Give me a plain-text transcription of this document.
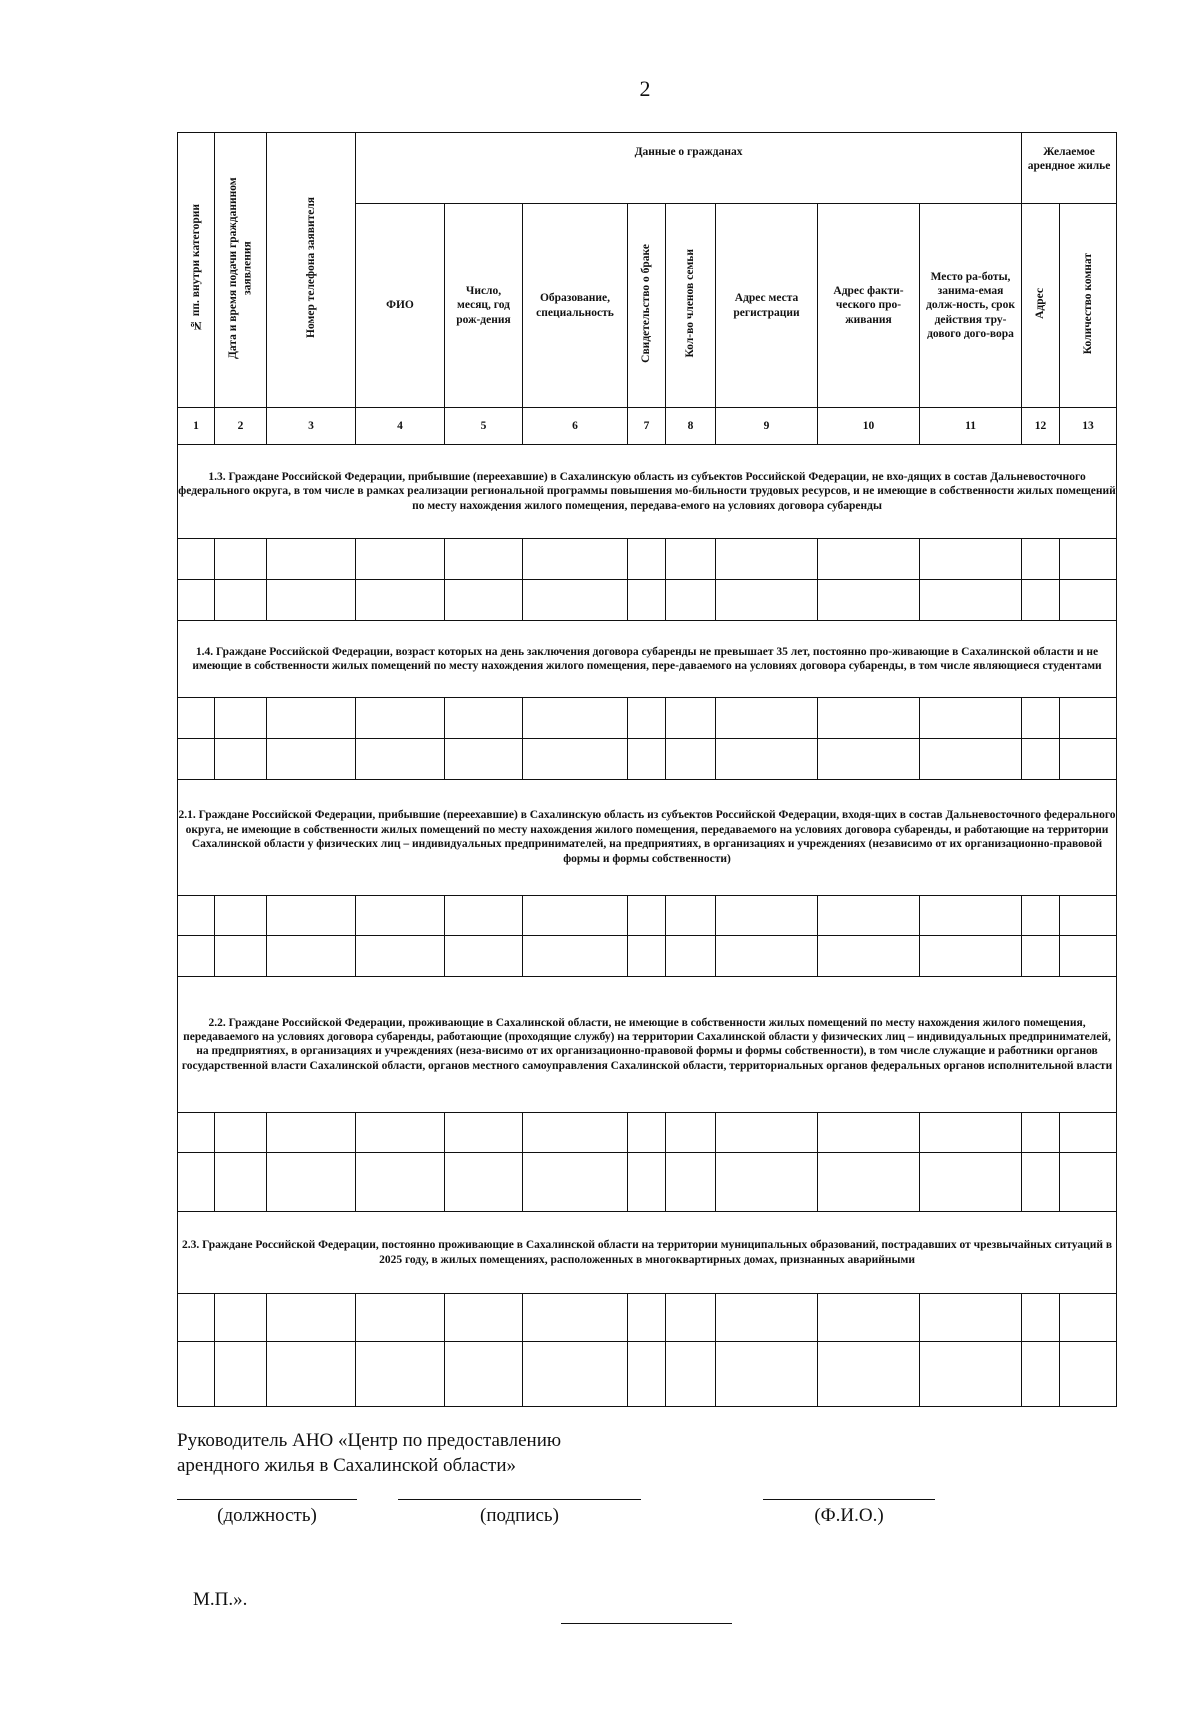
2
№ пп. внутри категории	Дата и время подачи гражданином заявления	Номер телефона заявителя	Данные о гражданах								Желаемое арендное жилье	
			ФИО	Число, месяц, год рож-дения	Образование, специальность	Свидетельство о браке	Кол-во членов семьи	Адрес места регистрации	Адрес факти-ческого про-живания	Место ра-боты, занима-емая долж-ность, срок действия тру-дового дого-вора	Адрес	Количество комнат
1	2	3	4	5	6	7	8	9	10	11	12	13
1.3. Граждане Российской Федерации, прибывшие (переехавшие) в Сахалинскую область из субъектов Российской Федерации, не вхо-дящих в состав Дальневосточного федерального округа, в том числе в рамках реализации региональной программы повышения мо-бильности трудовых ресурсов, и не имеющие в собственности жилых помещений по месту нахождения жилого помещения, передава-емого на условиях договора субаренды												

1.4. Граждане Российской Федерации, возраст которых на день заключения договора субаренды не превышает 35 лет, постоянно про-живающие в Сахалинской области и не имеющие в собственности жилых помещений по месту нахождения жилого помещения, пере-даваемого на условиях договора субаренды, в том числе являющиеся студентами												

2.1. Граждане Российской Федерации, прибывшие (переехавшие) в Сахалинскую область из субъектов Российской Федерации, входя-щих в состав Дальневосточного федерального округа, не имеющие в собственности жилых помещений по месту нахождения жилого помещения, передаваемого на условиях договора субаренды, и работающие на территории Сахалинской области у физических лиц – индивидуальных предпринимателей, на предприятиях, в организациях и учреждениях (независимо от их организационно-правовой формы и формы собственности)												

2.2. Граждане Российской Федерации, проживающие в Сахалинской области, не имеющие в собственности жилых помещений по месту нахождения жилого помещения, передаваемого на условиях договора субаренды, работающие (проходящие службу) на территории Сахалинской области у физических лиц – индивидуальных предпринимателей, на предприятиях, в организациях и учреждениях (неза-висимо от их организационно-правовой формы и формы собственности), в том числе служащие и работники органов государственной власти Сахалинской области, органов местного самоуправления Сахалинской области, территориальных органов федеральных органов исполнительной власти												

2.3. Граждане Российской Федерации, постоянно проживающие в Сахалинской области на территории муниципальных образований, пострадавших от чрезвычайных ситуаций в 2025 году, в жилых помещениях, расположенных в многоквартирных домах, признанных аварийными												

Руководитель АНО «Центр по предоставлению
арендного жилья в Сахалинской области»
(должность)	(подпись)	(Ф.И.О.)
М.П.».
